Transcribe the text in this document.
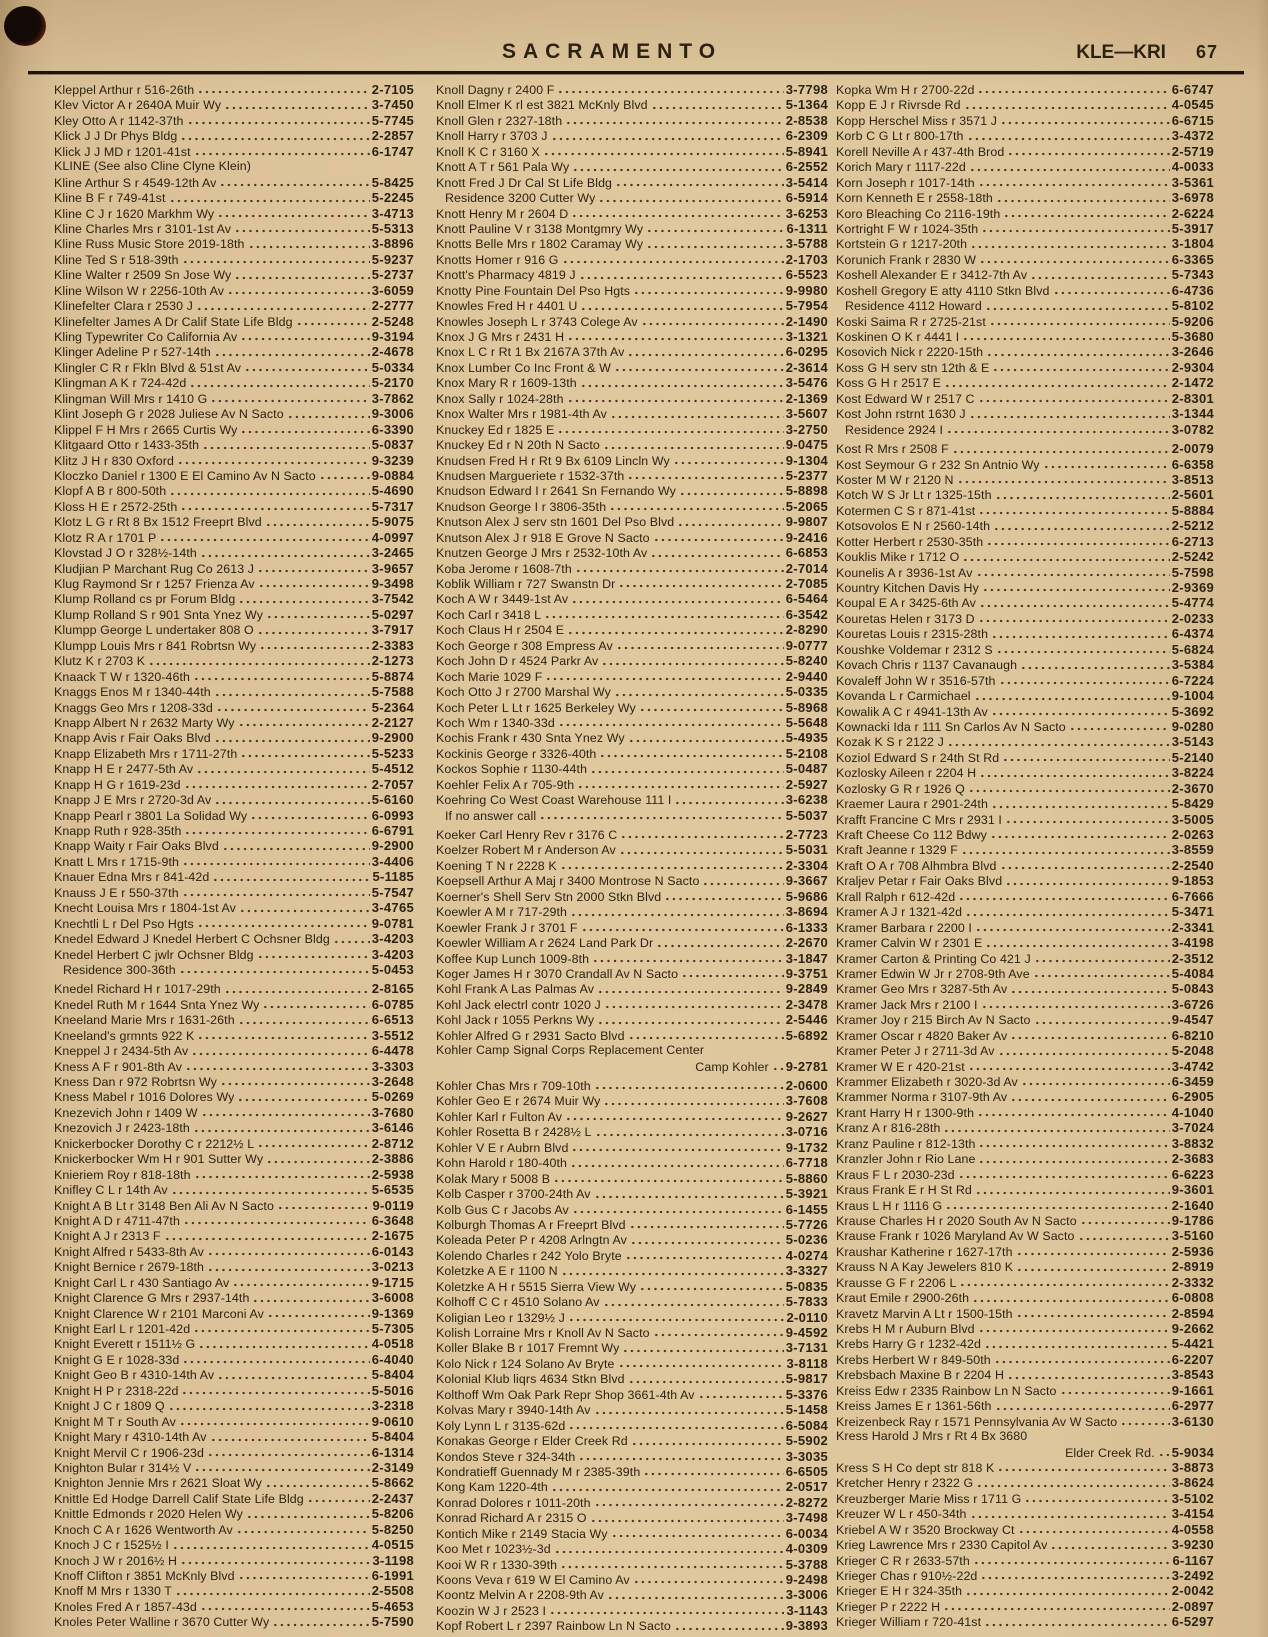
SACRAMENTO	KLE—KRI 67
Kleppel Arthur r 516-26th	2-7105
Klev Victor A r 2640A Muir Wy	3-7450
Kley Otto A r 1142-37th	5-7745
Klick J J Dr Phys Bldg	2-2857
Klick J J MD r 1201-41st	6-1747
KLINE (See also Cline Clyne Klein)
Kline Arthur S r 4549-12th Av	5-8425
Kline B F r 749-41st	5-2245
Kline C J r 1620 Markhm Wy	3-4713
Kline Charles Mrs r 3101-1st Av	5-5313
Kline Russ Music Store 2019-18th	3-8896
Kline Ted S r 518-39th	5-9237
Kline Walter r 2509 Sn Jose Wy	5-2737
Kline Wilson W r 2256-10th Av	3-6059
Klinefelter Clara r 2530 J	2-2777
Klinefelter James A Dr Calif State Life Bldg	2-5248
Kling Typewriter Co California Av	9-3194
Klinger Adeline P r 527-14th	2-4678
Klingler C R r Fkln Blvd & 51st Av	5-0334
Klingman A K r 724-42d	5-2170
Klingman Will Mrs r 1410 G	3-7862
Klint Joseph G r 2028 Juliese Av N Sacto	9-3006
Klippel F H Mrs r 2665 Curtis Wy	6-3390
Klitgaard Otto r 1433-35th	5-0837
Klitz J H r 830 Oxford	9-3239
Kloczko Daniel r 1300 E El Camino Av N Sacto	9-0884
Klopf A B r 800-50th	5-4690
Kloss H E r 2572-25th	5-7317
Klotz L G r Rt 8 Bx 1512 Freeprt Blvd	5-9075
Klotz R A r 1701 P	4-0997
Klovstad J O r 328½-14th	3-2465
Kludjian P Marchant Rug Co 2613 J	3-9657
Klug Raymond Sr r 1257 Frienza Av	9-3498
Klump Rolland cs pr Forum Bldg	3-7542
Klump Rolland S r 901 Snta Ynez Wy	5-0297
Klumpp George L undertaker 808 O	3-7917
Klumpp Louis Mrs r 841 Robrtsn Wy	2-3383
Klutz K r 2703 K	2-1273
Knaack T W r 1320-46th	5-8874
Knaggs Enos M r 1340-44th	5-7588
Knaggs Geo Mrs r 1208-33d	5-2364
Knapp Albert N r 2632 Marty Wy	2-2127
Knapp Avis r Fair Oaks Blvd	9-2900
Knapp Elizabeth Mrs r 1711-27th	5-5233
Knapp H E r 2477-5th Av	5-4512
Knapp H G r 1619-23d	2-7057
Knapp J E Mrs r 2720-3d Av	5-6160
Knapp Pearl r 3801 La Solidad Wy	6-0993
Knapp Ruth r 928-35th	6-6791
Knapp Waity r Fair Oaks Blvd	9-2900
Knatt L Mrs r 1715-9th	3-4406
Knauer Edna Mrs r 841-42d	5-1185
Knauss J E r 550-37th	5-7547
Knecht Louisa Mrs r 1804-1st Av	3-4765
Knechtli L r Del Pso Hgts	9-0781
Knedel Edward J Knedel Herbert C Ochsner Bldg	3-4203
Knedel Herbert C jwlr Ochsner Bldg	3-4203
Residence 300-36th	5-0453
Knedel Richard H r 1017-29th	2-8165
Knedel Ruth M r 1644 Snta Ynez Wy	6-0785
Kneeland Marie Mrs r 1631-26th	6-6513
Kneeland's grmnts 922 K	3-5512
Kneppel J r 2434-5th Av	6-4478
Kness A F r 901-8th Av	3-3303
Kness Dan r 972 Robrtsn Wy	3-2648
Kness Mabel r 1016 Dolores Wy	5-0269
Knezevich John r 1409 W	3-7680
Knezovich J r 2423-18th	3-6146
Knickerbocker Dorothy C r 2212½ L	2-8712
Knickerbocker Wm H r 901 Sutter Wy	2-3886
Knieriem Roy r 818-18th	2-5938
Knifley C L r 14th Av	5-6535
Knight A B Lt r 3148 Ben Ali Av N Sacto	9-0119
Knight A D r 4711-47th	6-3648
Knight A J r 2313 F	2-1675
Knight Alfred r 5433-8th Av	6-0143
Knight Bernice r 2679-18th	3-0213
Knight Carl L r 430 Santiago Av	9-1715
Knight Clarence G Mrs r 2937-14th	3-6008
Knight Clarence W r 2101 Marconi Av	9-1369
Knight Earl L r 1201-42d	5-7305
Knight Everett r 1511½ G	4-0518
Knight G E r 1028-33d	6-4040
Knight Geo B r 4310-14th Av	5-8404
Knight H P r 2318-22d	5-5016
Knight J C r 1809 Q	3-2318
Knight M T r South Av	9-0610
Knight Mary r 4310-14th Av	5-8404
Knight Mervil C r 1906-23d	6-1314
Knighton Bular r 314½ V	2-3149
Knighton Jennie Mrs r 2621 Sloat Wy	5-8662
Knittle Ed Hodge Darrell Calif State Life Bldg	2-2437
Knittle Edmonds r 2020 Helen Wy	5-8206
Knoch C A r 1626 Wentworth Av	5-8250
Knoch J C r 1525½ I	4-0515
Knoch J W r 2016½ H	3-1198
Knoff Clifton r 3851 McKnly Blvd	6-1991
Knoff M Mrs r 1330 T	2-5508
Knoles Fred A r 1857-43d	5-4653
Knoles Peter Walline r 3670 Cutter Wy	5-7590
Knoll Dagny r 2400 F	3-7798
Knoll Elmer K rl est 3821 McKnly Blvd	5-1364
Knoll Glen r 2327-18th	2-8538
Knoll Harry r 3703 J	6-2309
Knoll K C r 3160 X	5-8941
Knott A T r 561 Pala Wy	6-2552
Knott Fred J Dr Cal St Life Bldg	3-5414
Residence 3200 Cutter Wy	6-5914
Knott Henry M r 2604 D	3-6253
Knott Pauline V r 3138 Montgmry Wy	6-1311
Knotts Belle Mrs r 1802 Caramay Wy	3-5788
Knotts Homer r 916 G	2-1703
Knott's Pharmacy 4819 J	6-5523
Knotty Pine Fountain Del Pso Hgts	9-9980
Knowles Fred H r 4401 U	5-7954
Knowles Joseph L r 3743 Colege Av	2-1490
Knox J G Mrs r 2431 H	3-1321
Knox L C r Rt 1 Bx 2167A 37th Av	6-0295
Knox Lumber Co Inc Front & W	2-3614
Knox Mary R r 1609-13th	3-5476
Knox Sally r 1024-28th	2-1369
Knox Walter Mrs r 1981-4th Av	3-5607
Knuckey Ed r 1825 E	3-2750
Knuckey Ed r N 20th N Sacto	9-0475
Knudsen Fred H r Rt 9 Bx 6109 Lincln Wy	9-1304
Knudsen Margueriete r 1532-37th	5-2377
Knudson Edward I r 2641 Sn Fernando Wy	5-8898
Knudson George I r 3806-35th	5-2065
Knutson Alex J serv stn 1601 Del Pso Blvd	9-9807
Knutson Alex J r 918 E Grove N Sacto	9-2416
Knutzen George J Mrs r 2532-10th Av	6-6853
Koba Jerome r 1608-7th	2-7014
Koblik William r 727 Swanstn Dr	2-7085
Koch A W r 3449-1st Av	6-5464
Koch Carl r 3418 L	6-3542
Koch Claus H r 2504 E	2-8290
Koch George r 308 Empress Av	9-0777
Koch John D r 4524 Parkr Av	5-8240
Koch Marie 1029 F	2-9440
Koch Otto J r 2700 Marshal Wy	5-0335
Koch Peter L Lt r 1625 Berkeley Wy	5-8968
Koch Wm r 1340-33d	5-5648
Kochis Frank r 430 Snta Ynez Wy	5-4935
Kockinis George r 3326-40th	5-2108
Kockos Sophie r 1130-44th	5-0487
Koehler Felix A r 705-9th	2-5927
Koehring Co West Coast Warehouse 111 I	3-6238
If no answer call	5-5037
Koeker Carl Henry Rev r 3176 C	2-7723
Koelzer Robert M r Anderson Av	5-5031
Koening T N r 2228 K	2-3304
Koepsell Arthur A Maj r 3400 Montrose N Sacto	9-3667
Koerner's Shell Serv Stn 2000 Stkn Blvd	5-9686
Koewler A M r 717-29th	3-8694
Koewler Frank J r 3701 F	6-1333
Koewler William A r 2624 Land Park Dr	2-2670
Koffee Kup Lunch 1009-8th	3-1847
Koger James H r 3070 Crandall Av N Sacto	9-3751
Kohl Frank A Las Palmas Av	9-2849
Kohl Jack electrl contr 1020 J	2-3478
Kohl Jack r 1055 Perkns Wy	2-5446
Kohler Alfred G r 2931 Sacto Blvd	5-6892
Kohler Camp Signal Corps Replacement Center
Camp Kohler 9-2781
Kohler Chas Mrs r 709-10th	2-0600
Kohler Geo E r 2674 Muir Wy	3-7608
Kohler Karl r Fulton Av	9-2627
Kohler Rosetta B r 2428½ L	3-0716
Kohler V E r Aubrn Blvd	9-1732
Kohn Harold r 180-40th	6-7718
Kolak Mary r 5008 B	5-8860
Kolb Casper r 3700-24th Av	5-3921
Kolb Gus C r Jacobs Av	6-1455
Kolburgh Thomas A r Freeprt Blvd	5-7726
Koleada Peter P r 4208 Arlngtn Av	5-0236
Kolendo Charles r 242 Yolo Bryte	4-0274
Koletzke A E r 1100 N	3-3327
Koletzke A H r 5515 Sierra View Wy	5-0835
Kolhoff C C r 4510 Solano Av	5-7833
Koligian Leo r 1329½ J	2-0110
Kolish Lorraine Mrs r Knoll Av N Sacto	9-4592
Koller Blake B r 1017 Fremnt Wy	3-7131
Kolo Nick r 124 Solano Av Bryte	3-8118
Kolonial Klub liqrs 4634 Stkn Blvd	5-9817
Kolthoff Wm Oak Park Repr Shop 3661-4th Av	5-3376
Kolvas Mary r 3940-14th Av	5-1458
Koly Lynn L r 3135-62d	6-5084
Konakas George r Elder Creek Rd	5-5902
Kondos Steve r 324-34th	3-3035
Kondratieff Guennady M r 2385-39th	6-6505
Kong Kam 1220-4th	2-0517
Konrad Dolores r 1011-20th	2-8272
Konrad Richard A r 2315 O	3-7498
Kontich Mike r 2149 Stacia Wy	6-0034
Koo Met r 1023½-3d	4-0309
Kooi W R r 1330-39th	5-3788
Koons Veva r 619 W El Camino Av	9-2498
Koontz Melvin A r 2208-9th Av	3-3006
Koozin W J r 2523 I	3-1143
Kopf Robert L r 2397 Rainbow Ln N Sacto	9-3893
Kopka Wm H r 2700-22d	6-6747
Kopp E J r Rivrsde Rd	4-0545
Kopp Herschel Miss r 3571 J	6-6715
Korb C G Lt r 800-17th	3-4372
Korell Neville A r 437-4th Brod	2-5719
Korich Mary r 1117-22d	4-0033
Korn Joseph r 1017-14th	3-5361
Korn Kenneth E r 2558-18th	3-6978
Koro Bleaching Co 2116-19th	2-6224
Kortright F W r 1024-35th	5-3917
Kortstein G r 1217-20th	3-1804
Korunich Frank r 2830 W	6-3365
Koshell Alexander E r 3412-7th Av	5-7343
Koshell Gregory E atty 4110 Stkn Blvd	6-4736
Residence 4112 Howard	5-8102
Koski Saima R r 2725-21st	5-9206
Koskinen O K r 4441 I	5-3680
Kosovich Nick r 2220-15th	3-2646
Koss G H serv stn 12th & E	2-9304
Koss G H r 2517 E	2-1472
Kost Edward W r 2517 C	2-8301
Kost John rstrnt 1630 J	3-1344
Residence 2924 I	3-0782
Kost R Mrs r 2508 F	2-0079
Kost Seymour G r 232 Sn Antnio Wy	6-6358
Koster M W r 2120 N	3-8513
Kotch W S Jr Lt r 1325-15th	2-5601
Kotermen C S r 871-41st	5-8884
Kotsovolos E N r 2560-14th	2-5212
Kotter Herbert r 2530-35th	6-2713
Kouklis Mike r 1712 O	2-5242
Kounelis A r 3936-1st Av	5-7598
Kountry Kitchen Davis Hy	2-9369
Koupal E A r 3425-6th Av	5-4774
Kouretas Helen r 3173 D	2-0233
Kouretas Louis r 2315-28th	6-4374
Koushke Voldemar r 2312 S	5-6824
Kovach Chris r 1137 Cavanaugh	3-5384
Kovaleff John W r 3516-57th	6-7224
Kovanda L r Carmichael	9-1004
Kowalik A C r 4941-13th Av	5-3692
Kownacki Ida r 111 Sn Carlos Av N Sacto	9-0280
Kozak K S r 2122 J	3-5143
Koziol Edward S r 24th St Rd	5-2140
Kozlosky Aileen r 2204 H	3-8224
Kozlosky G R r 1926 Q	2-3670
Kraemer Laura r 2901-24th	5-8429
Krafft Francine C Mrs r 2931 I	3-5005
Kraft Cheese Co 112 Bdwy	2-0263
Kraft Jeanne r 1329 F	3-8559
Kraft O A r 708 Alhmbra Blvd	2-2540
Kraljev Petar r Fair Oaks Blvd	9-1853
Krall Ralph r 612-42d	6-7666
Kramer A J r 1321-42d	5-3471
Kramer Barbara r 2200 I	2-3341
Kramer Calvin W r 2301 E	3-4198
Kramer Carton & Printing Co 421 J	2-3512
Kramer Edwin W Jr r 2708-9th Ave	5-4084
Kramer Geo Mrs r 3287-5th Av	5-0843
Kramer Jack Mrs r 2100 I	3-6726
Kramer Joy r 215 Birch Av N Sacto	9-4547
Kramer Oscar r 4820 Baker Av	6-8210
Kramer Peter J r 2711-3d Av	5-2048
Kramer W E r 420-21st	3-4742
Krammer Elizabeth r 3020-3d Av	6-3459
Krammer Norma r 3107-9th Av	6-2905
Krant Harry H r 1300-9th	4-1040
Kranz A r 816-28th	3-7024
Kranz Pauline r 812-13th	3-8832
Kranzler John r Rio Lane	2-3683
Kraus F L r 2030-23d	6-6223
Kraus Frank E r H St Rd	9-3601
Kraus L H r 1116 G	2-1640
Krause Charles H r 2020 South Av N Sacto	9-1786
Krause Frank r 1026 Maryland Av W Sacto	3-5160
Kraushar Katherine r 1627-17th	2-5936
Krauss N A Kay Jewelers 810 K	2-8919
Krausse G F r 2206 L	2-3332
Kraut Emile r 2900-26th	6-0808
Kravetz Marvin A Lt r 1500-15th	2-8594
Krebs H M r Auburn Blvd	9-2662
Krebs Harry G r 1232-42d	5-4421
Krebs Herbert W r 849-50th	6-2207
Krebsbach Maxine B r 2204 H	3-8543
Kreiss Edw r 2335 Rainbow Ln N Sacto	9-1661
Kreiss James E r 1361-56th	6-2977
Kreizenbeck Ray r 1571 Pennsylvania Av W Sacto	3-6130
Kress Harold J Mrs r Rt 4 Bx 3680
Elder Creek Rd. 5-9034
Kress S H Co dept str 818 K	3-8873
Kretcher Henry r 2322 G	3-8624
Kreuzberger Marie Miss r 1711 G	3-5102
Kreuzer W L r 450-34th	3-4154
Kriebel A W r 3520 Brockway Ct	4-0558
Krieg Lawrence Mrs r 2330 Capitol Av	3-9230
Krieger C R r 2633-57th	6-1167
Krieger Chas r 910½-22d	3-2492
Krieger E H r 324-35th	2-0042
Krieger P r 2222 H	2-0897
Krieger William r 720-41st	6-5297
